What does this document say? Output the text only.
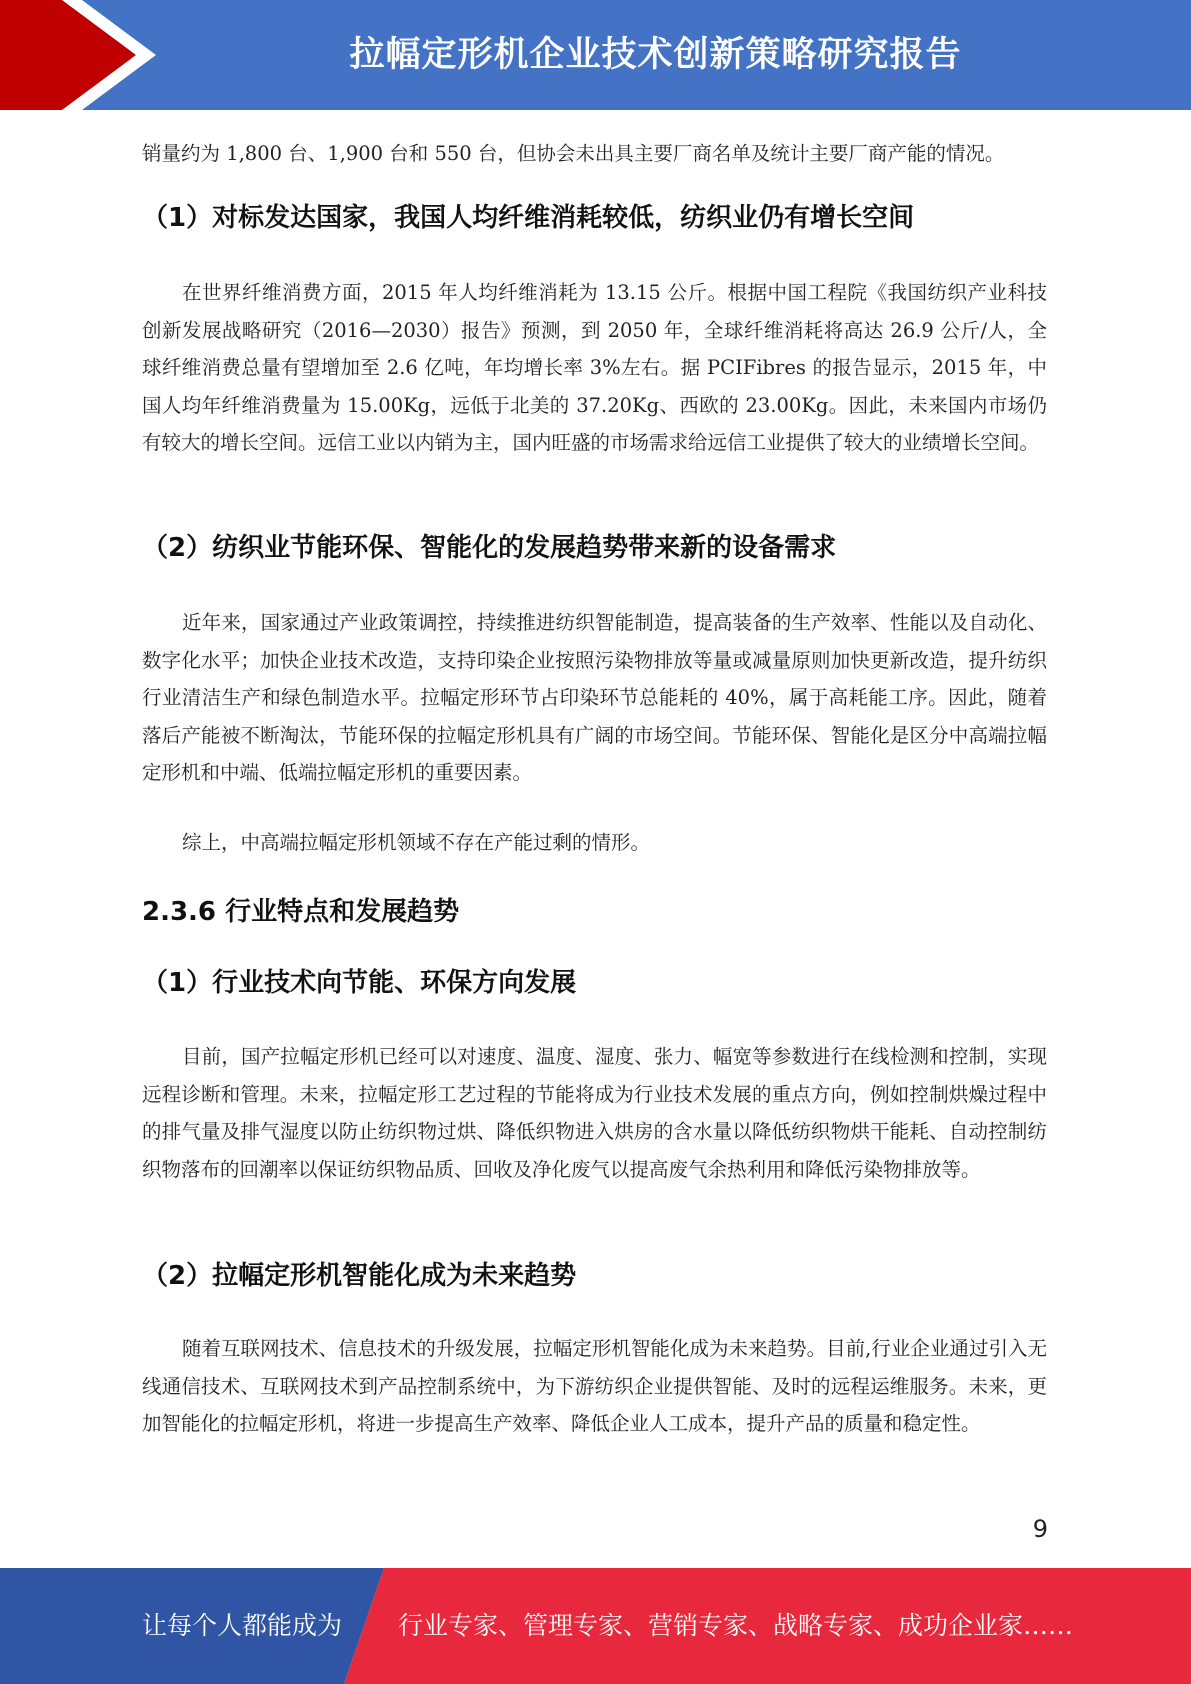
拉幅定形机企业技术创新策略研究报告

销量约为 1,800 台、1,900 台和 550 台，但协会未出具主要厂商名单及统计主要厂商产能的情况。

（1）对标发达国家，我国人均纤维消耗较低，纺织业仍有增长空间

在世界纤维消费方面，2015 年人均纤维消耗为 13.15 公斤。根据中国工程院《我国纺织产业科技创新发展战略研究（2016—2030）报告》预测，到 2050 年，全球纤维消耗将高达 26.9 公斤/人，全球纤维消费总量有望增加至 2.6 亿吨，年均增长率 3%左右。据 PCIFibres 的报告显示，2015 年，中国人均年纤维消费量为 15.00Kg，远低于北美的 37.20Kg、西欧的 23.00Kg。因此，未来国内市场仍有较大的增长空间。远信工业以内销为主，国内旺盛的市场需求给远信工业提供了较大的业绩增长空间。

（2）纺织业节能环保、智能化的发展趋势带来新的设备需求

近年来，国家通过产业政策调控，持续推进纺织智能制造，提高装备的生产效率、性能以及自动化、数字化水平；加快企业技术改造，支持印染企业按照污染物排放等量或减量原则加快更新改造，提升纺织行业清洁生产和绿色制造水平。拉幅定形环节占印染环节总能耗的 40%，属于高耗能工序。因此，随着落后产能被不断淘汰，节能环保的拉幅定形机具有广阔的市场空间。节能环保、智能化是区分中高端拉幅定形机和中端、低端拉幅定形机的重要因素。

综上，中高端拉幅定形机领域不存在产能过剩的情形。

2.3.6 行业特点和发展趋势
（1）行业技术向节能、环保方向发展

目前，国产拉幅定形机已经可以对速度、温度、湿度、张力、幅宽等参数进行在线检测和控制，实现远程诊断和管理。未来，拉幅定形工艺过程的节能将成为行业技术发展的重点方向，例如控制烘燥过程中的排气量及排气湿度以防止纺织物过烘、降低织物进入烘房的含水量以降低纺织物烘干能耗、自动控制纺织物落布的回潮率以保证纺织物品质、回收及净化废气以提高废气余热利用和降低污染物排放等。

（2）拉幅定形机智能化成为未来趋势

随着互联网技术、信息技术的升级发展，拉幅定形机智能化成为未来趋势。目前,行业企业通过引入无线通信技术、互联网技术到产品控制系统中，为下游纺织企业提供智能、及时的远程运维服务。未来，更加智能化的拉幅定形机，将进一步提高生产效率、降低企业人工成本，提升产品的质量和稳定性。

9
让每个人都能成为 行业专家、管理专家、营销专家、战略专家、成功企业家……
